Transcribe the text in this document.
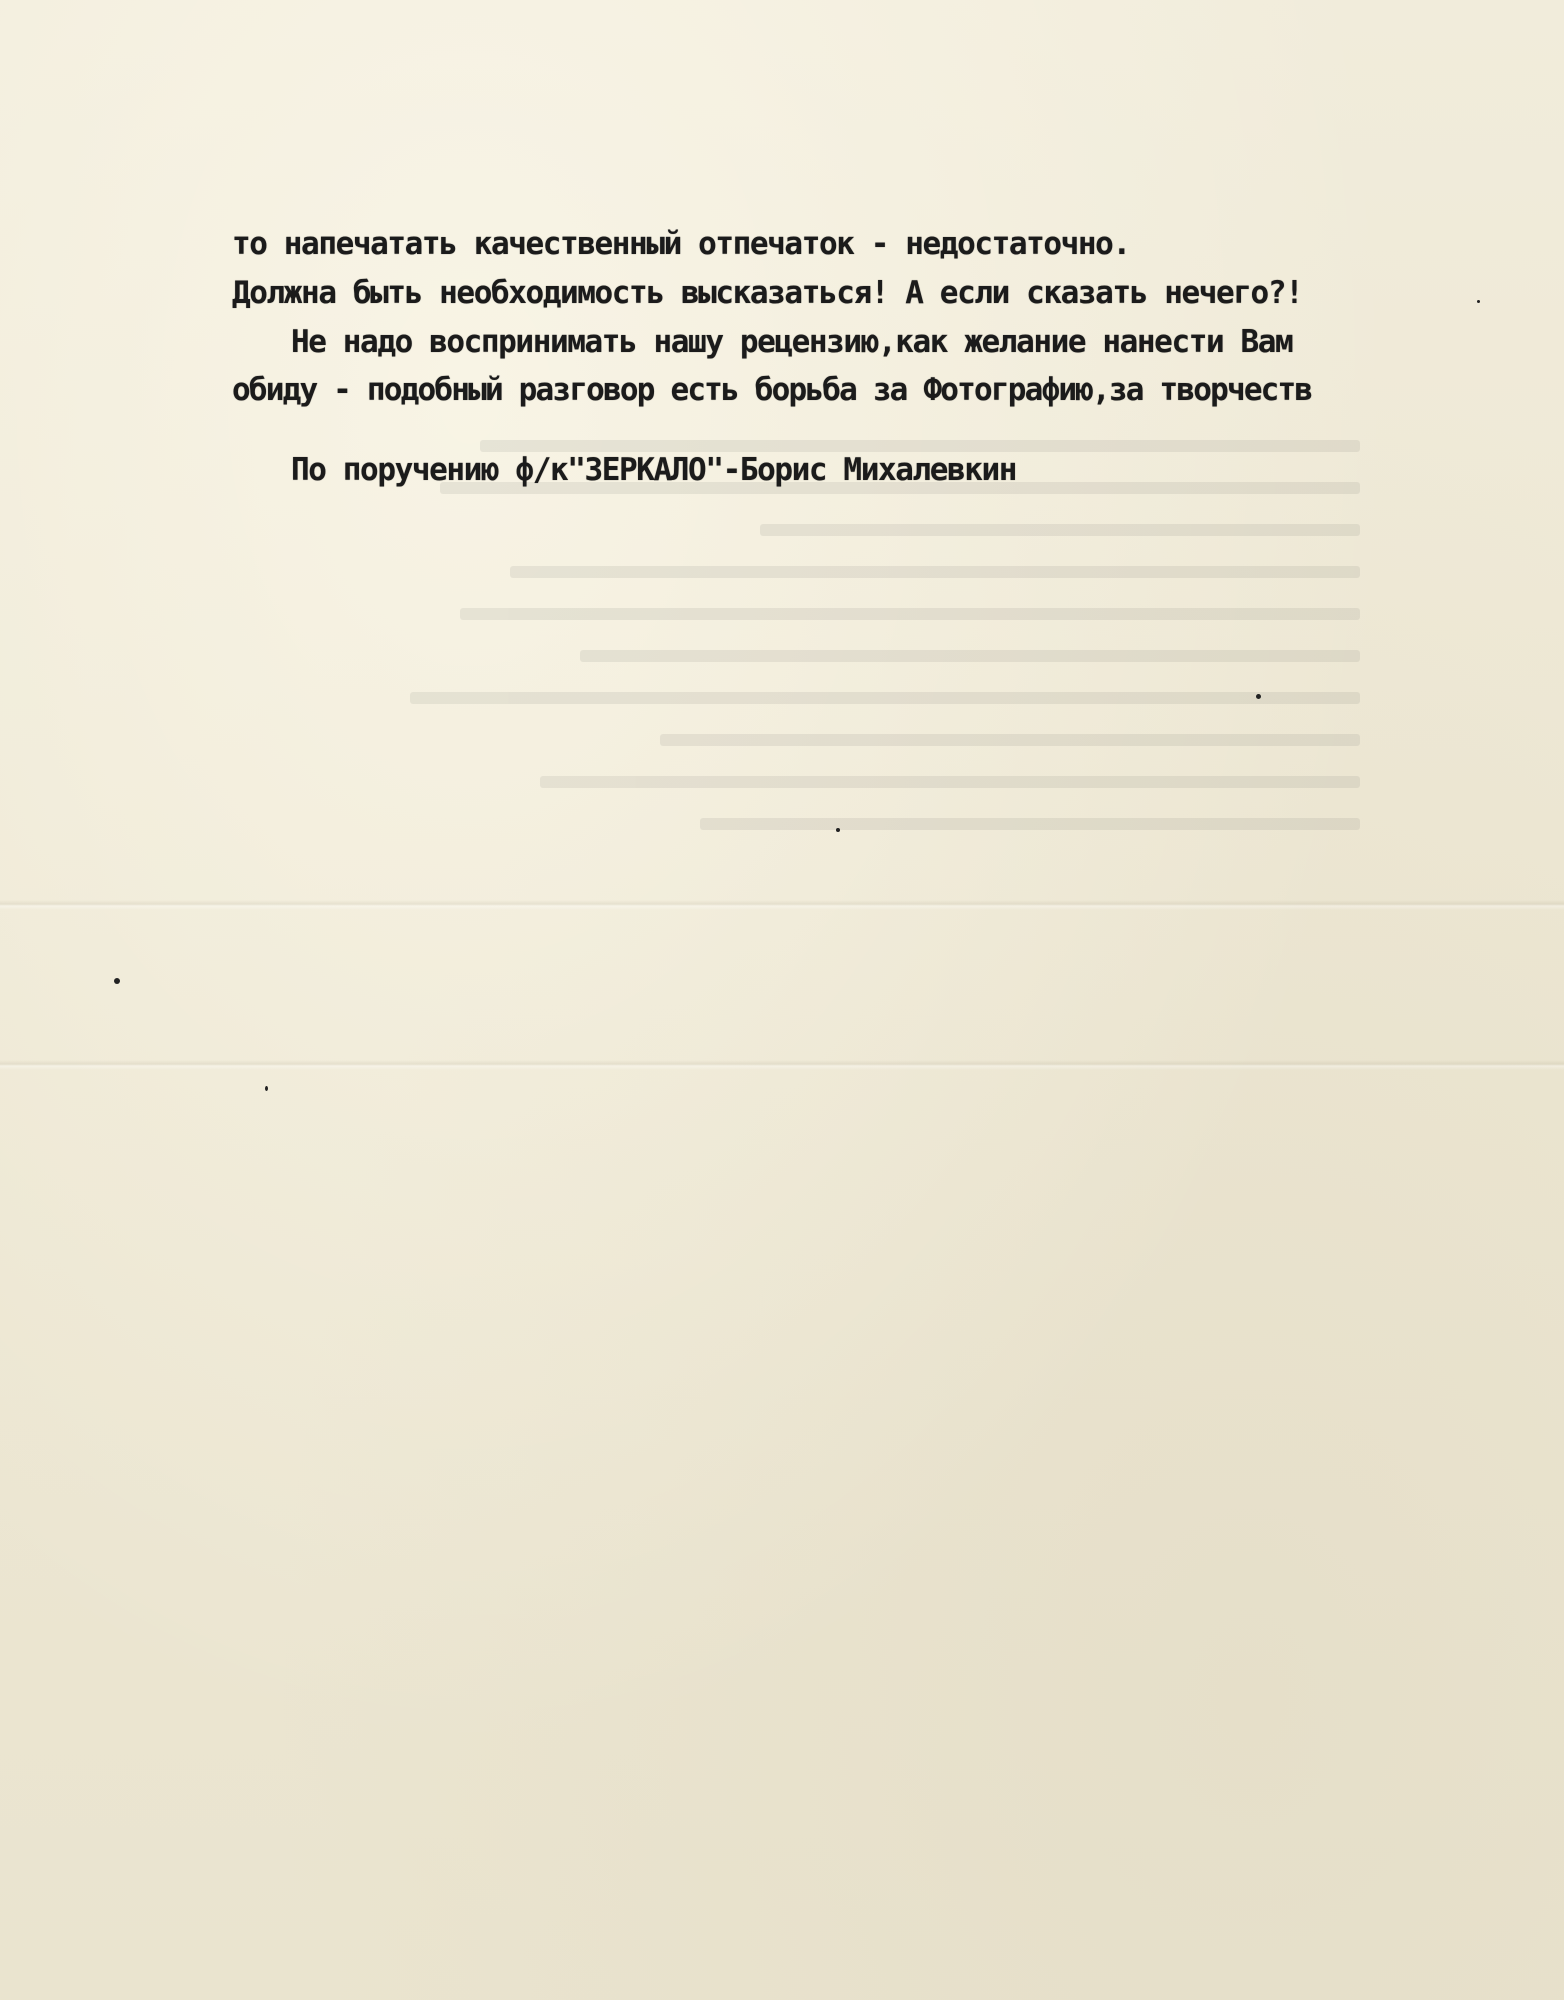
то напечатать качественный отпечаток - недостаточно.
Должна быть необходимость высказаться! А если сказать нечего?!
Не надо воспринимать нашу рецензию,как желание нанести Вам
обиду - подобный разговор есть борьба за Фотографию,за творчеств
По поручению ф/к"ЗЕРКАЛО"-Борис Михалевкин
